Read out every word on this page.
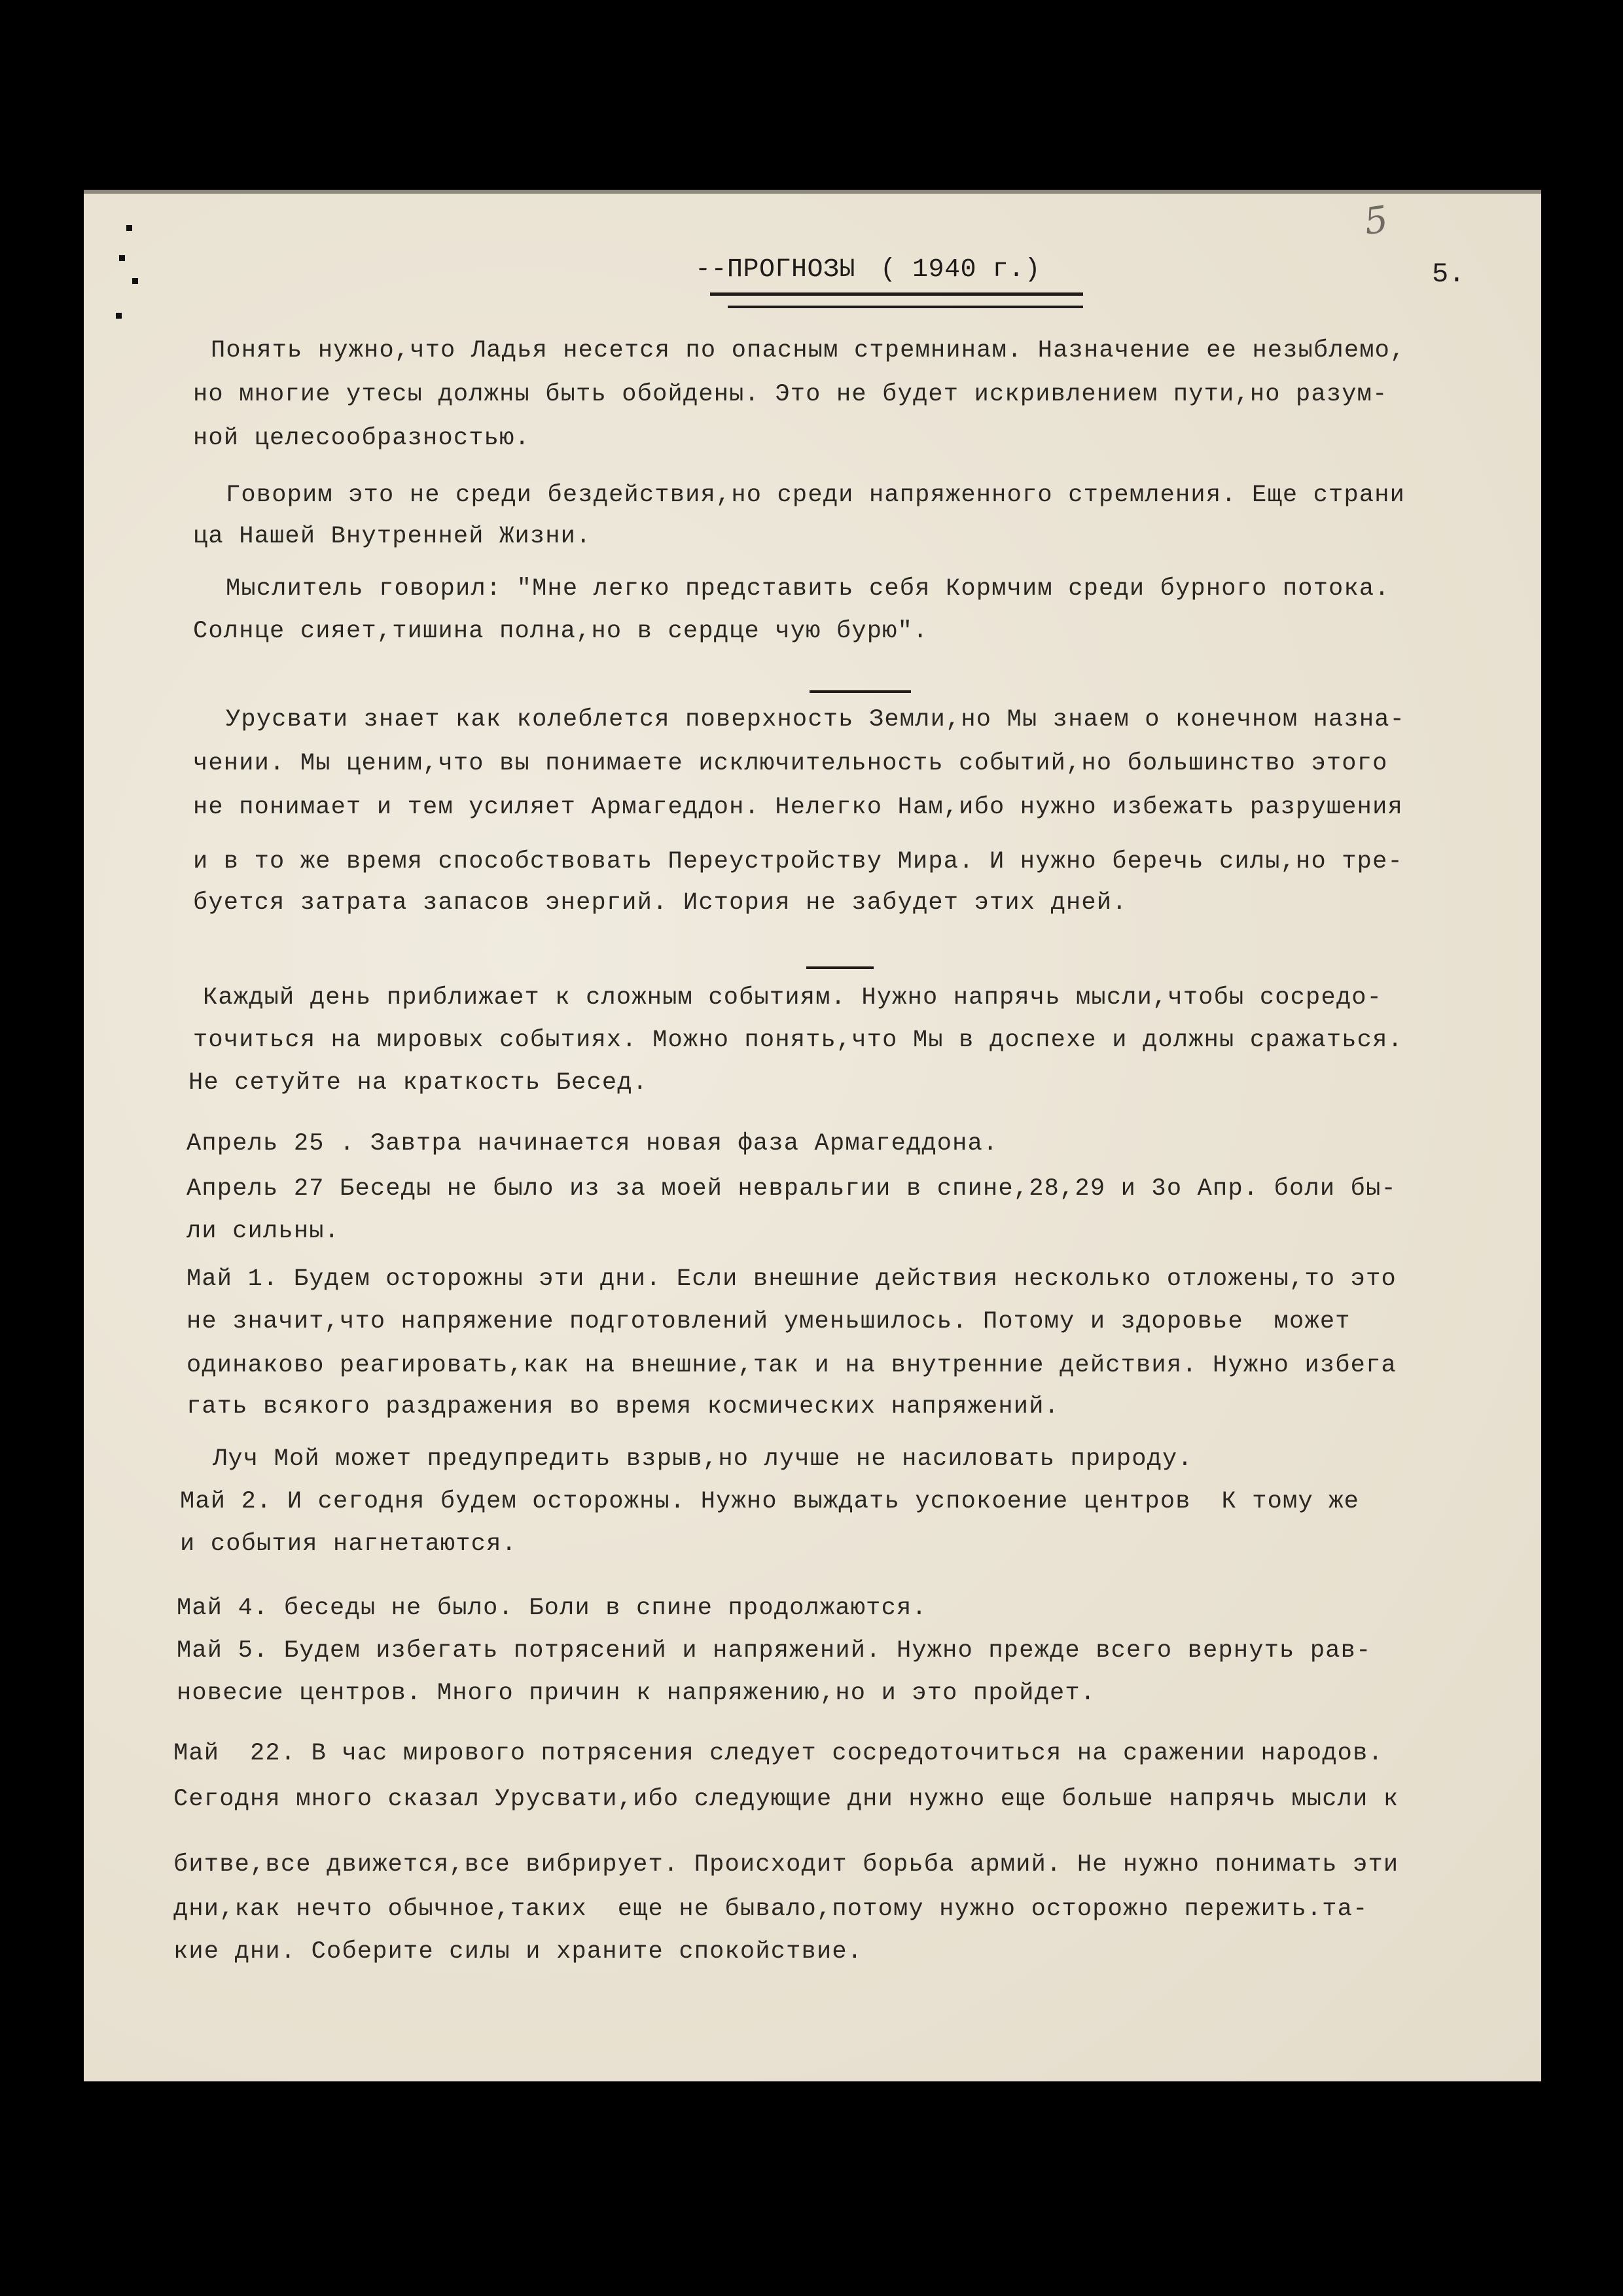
--ПРОГНОЗЫ ( 1940 г.)	5.
5
Понять нужно,что Ладья несется по опасным стремнинам. Назначение ее незыблемо,
но многие утесы должны быть обойдены. Это не будет искривлением пути,но разум-
ной целесообразностью.
Говорим это не среди бездействия,но среди напряженного стремления. Еще страни
ца Нашей Внутренней Жизни.
Мыслитель говорил: "Мне легко представить себя Кормчим среди бурного потока.
Солнце сияет,тишина полна,но в сердце чую бурю".
Урусвати знает как колеблется поверхность Земли,но Мы знаем о конечном назна-
чении. Мы ценим,что вы понимаете исключительность событий,но большинство этого
не понимает и тем усиляет Армагеддон. Нелегко Нам,ибо нужно избежать разрушения
и в то же время способствовать Переустройству Мира. И нужно беречь силы,но тре-
буется затрата запасов энергий. История не забудет этих дней.
Каждый день приближает к сложным событиям. Нужно напрячь мысли,чтобы сосредо-
точиться на мировых событиях. Можно понять,что Мы в доспехе и должны сражаться.
Не сетуйте на краткость Бесед.
Апрель 25 . Завтра начинается новая фаза Армагеддона.
Апрель 27 Беседы не было из за моей невральгии в спине,28,29 и 3о Апр. боли бы-
ли сильны.
Май 1. Будем осторожны эти дни. Если внешние действия несколько отложены,то это
не значит,что напряжение подготовлений уменьшилось. Потому и здоровье  может
одинаково реагировать,как на внешние,так и на внутренние действия. Нужно избега
гать всякого раздражения во время космических напряжений.
Луч Мой может предупредить взрыв,но лучше не насиловать природу.
Май 2. И сегодня будем осторожны. Нужно выждать успокоение центров  К тому же
и события нагнетаются.
Май 4. беседы не было. Боли в спине продолжаются.
Май 5. Будем избегать потрясений и напряжений. Нужно прежде всего вернуть рав-
новесие центров. Много причин к напряжению,но и это пройдет.
Май  22. В час мирового потрясения следует сосредоточиться на сражении народов.
Сегодня много сказал Урусвати,ибо следующие дни нужно еще больше напрячь мысли к
битве,все движется,все вибрирует. Происходит борьба армий. Не нужно понимать эти
дни,как нечто обычное,таких  еще не бывало,потому нужно осторожно пережить.та-
кие дни. Соберите силы и храните спокойствие.
